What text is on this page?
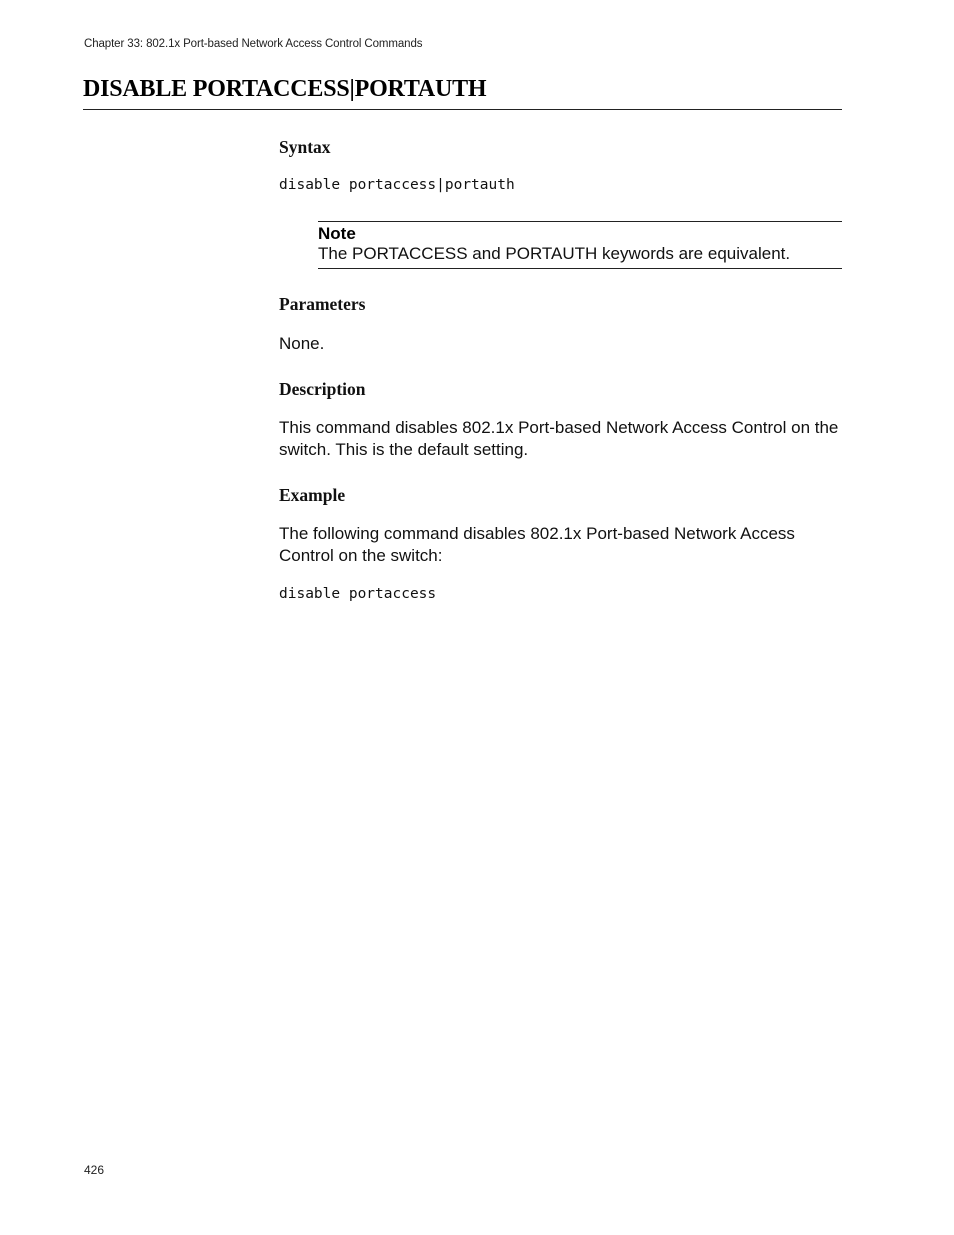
Chapter 33: 802.1x Port-based Network Access Control Commands
DISABLE PORTACCESS|PORTAUTH
Syntax
disable portaccess|portauth
Note
The PORTACCESS and PORTAUTH keywords are equivalent.
Parameters

None.

Description

This command disables 802.1x Port-based Network Access Control on the switch. This is the default setting.

Example

The following command disables 802.1x Port-based Network Access Control on the switch:

disable portaccess
426
